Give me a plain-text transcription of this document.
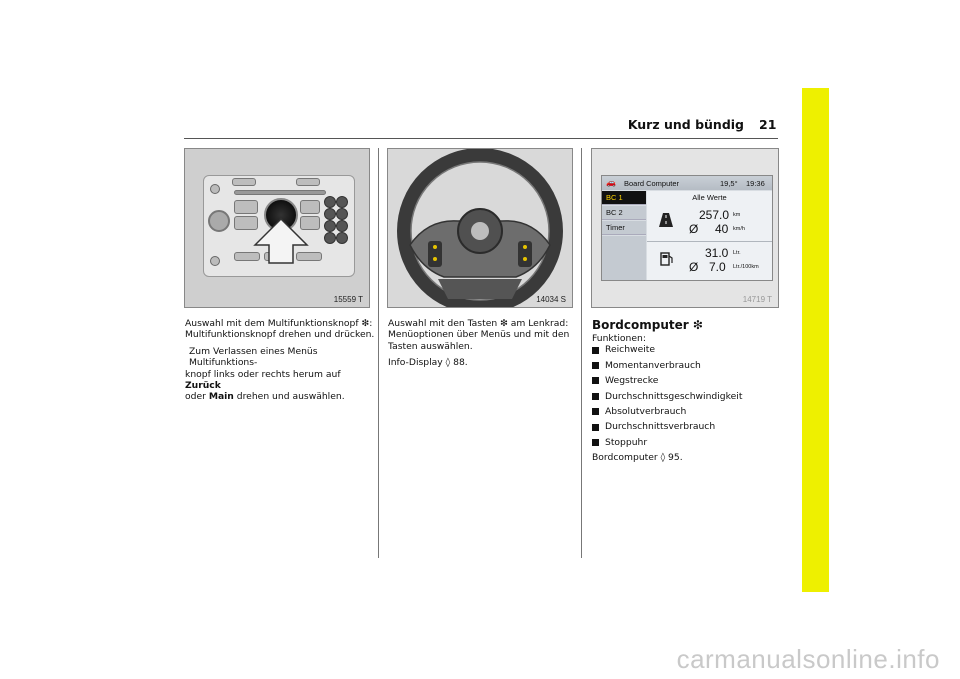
Kurz und bündig 21
15559 T	14034 S
🚗 Board Computer	19,5° 19:36
BC 1
BC 2
Timer
Alle Werte
257.0 km
Ø 40 km/h
31.0 Ltr.
Ø 7.0 Ltr./100km
14719 T
Auswahl mit dem Multifunktionsknopf ❇:
Multifunktionsknopf drehen und drücken.
Zum Verlassen eines Menüs Multifunktions-
knopf links oder rechts herum auf Zurück
oder Main drehen und auswählen.
Auswahl mit den Tasten ❇ am Lenkrad:
Menüoptionen über Menüs und mit den
Tasten auswählen.
Info-Display ◊ 88.
Bordcomputer ❇
Funktionen:
Reichweite
Momentanverbrauch
Wegstrecke
Durchschnittsgeschwindigkeit
Absolutverbrauch
Durchschnittsverbrauch
Stoppuhr
Bordcomputer ◊ 95.
carmanualsonline.info
